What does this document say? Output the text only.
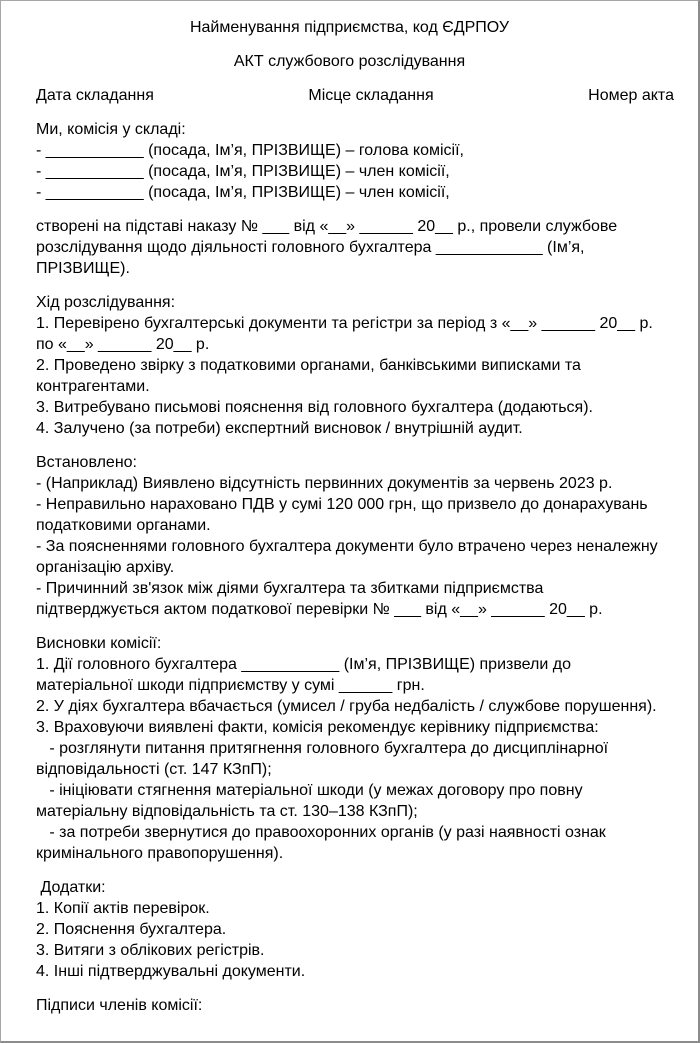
Найменування підприємства, код ЄДРПОУ

АКТ службового розслідування

Дата складання	Місце складання	Номер акта

Ми, комісія у складі:

- ___________ (посада, Ім’я, ПРІЗВИЩЕ) – голова комісії,

- ___________ (посада, Ім’я, ПРІЗВИЩЕ) – член комісії,

- ___________ (посада, Ім’я, ПРІЗВИЩЕ) – член комісії,

створені на підставі наказу № ___ від «__» ______ 20__ р., провели службове розслідування щодо діяльності головного бухгалтера ____________ (Ім’я, ПРІЗВИЩЕ).

Хід розслідування:

1. Перевірено бухгалтерські документи та регістри за період з «__» ______ 20__ р. по «__» ______ 20__ р.

2. Проведено звірку з податковими органами, банківськими виписками та контрагентами.

3. Витребувано письмові пояснення від головного бухгалтера (додаються).

4. Залучено (за потреби) експертний висновок / внутрішній аудит.

Встановлено:

- (Наприклад) Виявлено відсутність первинних документів за червень 2023 р.

- Неправильно нараховано ПДВ у сумі 120 000 грн, що призвело до донарахувань податковими органами.

- За поясненнями головного бухгалтера документи було втрачено через неналежну організацію архіву.

- Причинний зв'язок між діями бухгалтера та збитками підприємства підтверджується актом податкової перевірки № ___ від «__» ______ 20__ р.

Висновки комісії:

1. Дії головного бухгалтера ___________ (Ім’я, ПРІЗВИЩЕ) призвели до матеріальної шкоди підприємству у сумі ______ грн.

2. У діях бухгалтера вбачається (умисел / груба недбалість / службове порушення).

3. Враховуючи виявлені факти, комісія рекомендує керівнику підприємства:

- розглянути питання притягнення головного бухгалтера до дисциплінарної відповідальності (ст. 147 КЗпП);

- ініціювати стягнення матеріальної шкоди (у межах договору про повну матеріальну відповідальність та ст. 130–138 КЗпП);

- за потреби звернутися до правоохоронних органів (у разі наявності ознак кримінального правопорушення).

Додатки:

1. Копії актів перевірок.

2. Пояснення бухгалтера.

3. Витяги з облікових регістрів.

4. Інші підтверджувальні документи.

Підписи членів комісії:
